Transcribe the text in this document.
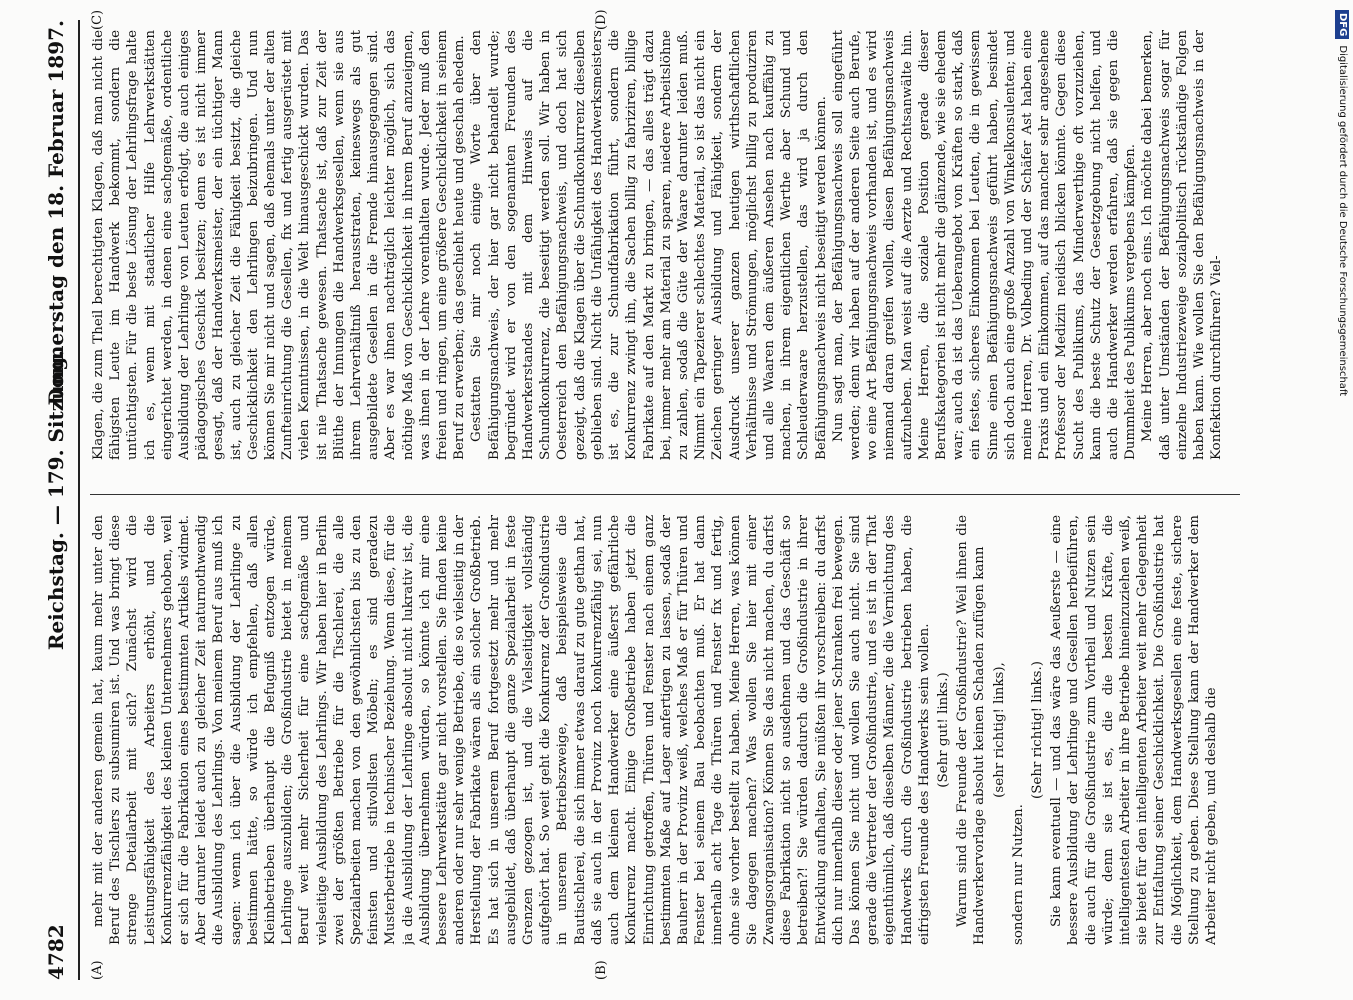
4782
Reichstag. — 179. Sitzung.
Donnerstag den 18. Februar 1897.
(A)	(B)
(C)	(D)

mehr mit der anderen gemein hat, kaum mehr unter den Beruf des Tischlers zu subsumiren ist. Und was bringt diese strenge Detailarbeit mit sich? Zunächst wird die Leistungsfähigkeit des Arbeiters erhöht, und die Konkurrenzfähigkeit des kleinen Unternehmers gehoben, weil er sich für die Fabrikation eines bestimmten Artikels widmet. Aber darunter leidet auch zu gleicher Zeit naturnothwendig die Ausbildung des Lehrlings. Von meinem Beruf aus muß ich sagen: wenn ich über die Ausbildung der Lehrlinge zu bestimmen hätte, so würde ich empfehlen, daß allen Kleinbetrieben überhaupt die Befugniß entzogen würde, Lehrlinge auszubilden; die Großindustrie bietet in meinem Beruf weit mehr Sicherheit für eine sachgemäße und vielseitige Ausbildung des Lehrlings. Wir haben hier in Berlin zwei der größten Betriebe für die Tischlerei, die alle Spezialarbeiten machen von den gewöhnlichsten bis zu den feinsten und stilvollsten Möbeln; es sind geradezu Musterbetriebe in technischer Beziehung. Wenn diese, für die ja die Ausbildung der Lehrlinge absolut nicht lukrativ ist, die Ausbildung übernehmen würden, so könnte ich mir eine bessere Lehrwerkstätte gar nicht vorstellen. Sie finden keine anderen oder nur sehr wenige Betriebe, die so vielseitig in der Herstellung der Fabrikate wären als ein solcher Großbetrieb. Es hat sich in unserem Beruf fortgesetzt mehr und mehr ausgebildet, daß überhaupt die ganze Spezialarbeit in feste Grenzen gezogen ist, und die Vielseitigkeit vollständig aufgehört hat. So weit geht die Konkurrenz der Großindustrie in unserem Betriebszweige, daß beispielsweise die Bautischlerei, die sich immer etwas darauf zu gute gethan hat, daß sie auch in der Provinz noch konkurrenzfähig sei, nun auch dem kleinen Handwerker eine äußerst gefährliche Konkurrenz macht. Einige Großbetriebe haben jetzt die Einrichtung getroffen, Thüren und Fenster nach einem ganz bestimmten Maße auf Lager anfertigen zu lassen, sodaß der Bauherr in der Provinz weiß, welches Maß er für Thüren und Fenster bei seinem Bau beobachten muß. Er hat dann innerhalb acht Tage die Thüren und Fenster fix und fertig, ohne sie vorher bestellt zu haben. Meine Herren, was können Sie dagegen machen? Was wollen Sie hier mit einer Zwangsorganisation? Können Sie das nicht machen, du darfst diese Fabrikation nicht so ausdehnen und das Geschäft so betreiben?! Sie würden dadurch die Großindustrie in ihrer Entwicklung aufhalten, Sie müßten ihr vorschreiben: du darfst dich nur innerhalb dieser oder jener Schranken frei bewegen. Das können Sie nicht und wollen Sie auch nicht. Sie sind gerade die Vertreter der Großindustrie, und es ist in der That eigenthümlich, daß dieselben Männer, die die Vernichtung des Handwerks durch die Großindustrie betrieben haben, die eifrigsten Freunde des Handwerks sein wollen. (Sehr gut! links.) Warum sind die Freunde der Großindustrie? Weil ihnen die Handwerkervorlage absolut keinen Schaden zufügen kann (sehr richtig! links),

sondern nur Nutzen.

(Sehr richtig! links.) Sie kann eventuell — und das wäre das Aeußerste — eine bessere Ausbildung der Lehrlinge und Gesellen herbeiführen, die auch für die Großindustrie zum Vortheil und Nutzen sein würde; denn sie ist es, die die besten Kräfte, die intelligentesten Arbeiter in ihre Betriebe hineinzuziehen weiß, sie bietet für den intelligenten Arbeiter weit mehr Gelegenheit zur Entfaltung seiner Geschicklichkeit. Die Großindustrie hat die Möglichkeit, dem Handwerksgesellen eine feste, sichere Stellung zu geben. Diese Stellung kann der Handwerker dem Arbeiter nicht geben, und deshalb die

Klagen, die zum Theil berechtigten Klagen, daß man nicht die fähigsten Leute im Handwerk bekommt, sondern die untüchtigsten. Für die beste Lösung der Lehrlingsfrage halte ich es, wenn mit staatlicher Hilfe Lehrwerkstätten eingerichtet werden, in denen eine sachgemäße, ordentliche Ausbildung der Lehrlinge von Leuten erfolgt, die auch einiges pädagogisches Geschick besitzen; denn es ist nicht immer gesagt, daß der Handwerksmeister, der ein tüchtiger Mann ist, auch zu gleicher Zeit die Fähigkeit besitzt, die gleiche Geschicklichkeit den Lehrlingen beizubringen. Und nun können Sie mir nicht und sagen, daß ehemals unter der alten Zunfteinrichtung die Gesellen, fix und fertig ausgerüstet mit vielen Kenntnissen, in die Welt hinausgeschickt wurden. Das ist nie Thatsache gewesen. Thatsache ist, daß zur Zeit der Blüthe der Innungen die Handwerksgesellen, wenn sie aus ihrem Lehrverhältniß herausstraten, keineswegs als gut ausgebildete Gesellen in die Fremde hinausgegangen sind. Aber es war ihnen nachträglich leichter möglich, sich das nöthige Maß von Geschicklichkeit in ihrem Beruf anzueignen, was ihnen in der Lehre vorenthalten wurde. Jeder muß den freien und ringen, um eine größere Geschicklichkeit in seinem Beruf zu erwerben; das geschieht heute und geschah ehedem. Gestatten Sie mir noch einige Worte über den Befähigungsnachweis, der hier gar nicht behandelt wurde; begründet wird er von den sogenannten Freunden des Handwerkerstandes mit dem Hinweis auf die Schundkonkurrenz, die beseitigt werden soll. Wir haben in Oesterreich den Befähigungsnachweis, und doch hat sich gezeigt, daß die Klagen über die Schundkonkurrenz dieselben geblieben sind. Nicht die Unfähigkeit des Handwerksmeisters ist es, die zur Schundfabrikation führt, sondern die Konkurrenz zwingt ihn, die Sachen billig zu fabriziren, billige Fabrikate auf den Markt zu bringen, — das alles trägt dazu bei, immer mehr am Material zu sparen, niedere Arbeitslöhne zu zahlen, sodaß die Güte der Waare darunter leiden muß. Nimmt ein Tapezierer schlechtes Material, so ist das nicht ein Zeichen geringer Ausbildung und Fähigkeit, sondern der Ausdruck unserer ganzen heutigen wirthschaftlichen Verhältnisse und Strömungen, möglichst billig zu produziren und alle Waaren dem äußeren Ansehen nach kauffähig zu machen, in ihrem eigentlichen Werthe aber Schund und Schleuderwaare herzustellen, das wird ja durch den Befähigungsnachweis nicht beseitigt werden können. Nun sagt man, der Befähigungsnachweis soll eingeführt werden; denn wir haben auf der anderen Seite auch Berufe, wo eine Art Befähigungsnachweis vorhanden ist, und es wird niemand daran greifen wollen, diesen Befähigungsnachweis aufzuheben. Man weist auf die Aerzte und Rechtsanwälte hin. Meine Herren, die soziale Position gerade dieser Berufskategorien ist nicht mehr die glänzende, wie sie ehedem war; auch da ist das Ueberangebot von Kräften so stark, daß ein festes, sicheres Einkommen bei Leuten, die in gewissem Sinne einen Befähigungsnachweis geführt haben, besindet sich doch auch eine große Anzahl von Winkelkonsulenten; und meine Herren, Dr. Volbeding und der Schäfer Ast haben eine Praxis und ein Einkommen, auf das mancher sehr angesehene Professor der Medizin neidisch blicken könnte. Gegen diese Sucht des Publikums, das Minderwerthige oft vorzuziehen, kann die beste Schutz der Gesetzgebung nicht helfen, und auch die Handwerker werden erfahren, daß sie gegen die Dummheit des Publikums vergebens kämpfen. Meine Herren, aber noch eins. Ich möchte dabei bemerken, daß unter Umständen der Befähigungsnachweis sogar für einzelne Industriezweige sozialpolitisch rückständige Folgen haben kann. Wie wollen Sie den Befähigungsnachweis in der Konfektion durchführen? Viel-

DFGDigitalisierung gefördert durch die Deutsche Forschungsgemeinschaft
